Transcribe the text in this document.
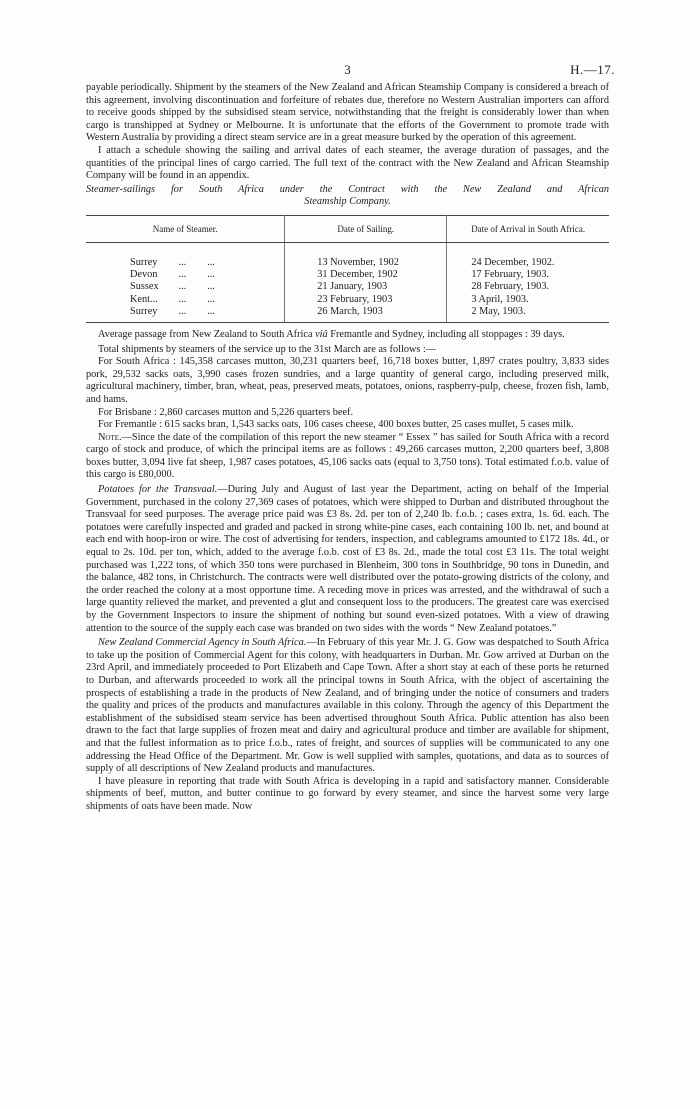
3	H.—17.

payable periodically. Shipment by the steamers of the New Zealand and African Steamship Company is considered a breach of this agreement, involving discontinuation and forfeiture of rebates due, therefore no Western Australian importers can afford to receive goods shipped by the subsidised steam service, notwithstanding that the freight is considerably lower than when cargo is transhipped at Sydney or Melbourne. It is unfortunate that the efforts of the Government to promote trade with Western Australia by providing a direct steam service are in a great measure burked by the operation of this agreement.

I attach a schedule showing the sailing and arrival dates of each steamer, the average duration of passages, and the quantities of the principal lines of cargo carried. The full text of the contract with the New Zealand and African Steamship Company will be found in an appendix.

Steamer-sailings for South Africa under the Contract with the New Zealand and African
Steamship Company.
Name of Steamer.	Date of Sailing.	Date of Arrival in South Africa.
Surrey ... ...	13 November, 1902	24 December, 1902.
Devon ... ...	31 December, 1902	17 February, 1903.
Sussex ... ...	21 January, 1903	28 February, 1903.
Kent... ... ...	23 February, 1903	3 April, 1903.
Surrey ... ...	26 March, 1903	2 May, 1903.

Average passage from New Zealand to South Africa viâ Fremantle and Sydney, including all stoppages : 39 days.

Total shipments by steamers of the service up to the 31st March are as follows :—

For South Africa : 145,358 carcases mutton, 30,231 quarters beef, 16,718 boxes butter, 1,897 crates poultry, 3,833 sides pork, 29,532 sacks oats, 3,990 cases frozen sundries, and a large quantity of general cargo, including preserved milk, agricultural machinery, timber, bran, wheat, peas, preserved meats, potatoes, onions, raspberry-pulp, cheese, frozen fish, lamb, and hams.

For Brisbane : 2,860 carcases mutton and 5,226 quarters beef.

For Fremantle : 615 sacks bran, 1,543 sacks oats, 106 cases cheese, 400 boxes butter, 25 cases mullet, 5 cases milk.

Note.—Since the date of the compilation of this report the new steamer “ Essex ” has sailed for South Africa with a record cargo of stock and produce, of which the principal items are as follows : 49,266 carcases mutton, 2,200 quarters beef, 3,808 boxes butter, 3,094 live fat sheep, 1,987 cases potatoes, 45,106 sacks oats (equal to 3,750 tons). Total estimated f.o.b. value of this cargo is £80,000.

Potatoes for the Transvaal.—During July and August of last year the Department, acting on behalf of the Imperial Government, purchased in the colony 27,369 cases of potatoes, which were shipped to Durban and distributed throughout the Transvaal for seed purposes. The average price paid was £3 8s. 2d. per ton of 2,240 lb. f.o.b. ; cases extra, 1s. 6d. each. The potatoes were carefully inspected and graded and packed in strong white-pine cases, each containing 100 lb. net, and bound at each end with hoop-iron or wire. The cost of advertising for tenders, inspection, and cablegrams amounted to £172 18s. 4d., or equal to 2s. 10d. per ton, which, added to the average f.o.b. cost of £3 8s. 2d., made the total cost £3 11s. The total weight purchased was 1,222 tons, of which 350 tons were purchased in Blenheim, 300 tons in Southbridge, 90 tons in Dunedin, and the balance, 482 tons, in Christchurch. The contracts were well distributed over the potato-growing districts of the colony, and the order reached the colony at a most opportune time. A receding move in prices was arrested, and the withdrawal of such a large quantity relieved the market, and prevented a glut and consequent loss to the producers. The greatest care was exercised by the Government Inspectors to insure the shipment of nothing but sound even-sized potatoes. With a view of drawing attention to the source of the supply each case was branded on two sides with the words “ New Zealand potatoes.”

New Zealand Commercial Agency in South Africa.—In February of this year Mr. J. G. Gow was despatched to South Africa to take up the position of Commercial Agent for this colony, with headquarters in Durban. Mr. Gow arrived at Durban on the 23rd April, and immediately proceeded to Port Elizabeth and Cape Town. After a short stay at each of these ports he returned to Durban, and afterwards proceeded to work all the principal towns in South Africa, with the object of ascertaining the prospects of establishing a trade in the products of New Zealand, and of bringing under the notice of consumers and traders the quality and prices of the products and manufactures available in this colony. Through the agency of this Department the establishment of the subsidised steam service has been advertised throughout South Africa. Public attention has also been drawn to the fact that large supplies of frozen meat and dairy and agricultural produce and timber are available for shipment, and that the fullest information as to price f.o.b., rates of freight, and sources of supplies will be communicated to any one addressing the Head Office of the Department. Mr. Gow is well supplied with samples, quotations, and data as to sources of supply of all descriptions of New Zealand products and manufactures.

I have pleasure in reporting that trade with South Africa is developing in a rapid and satisfactory manner. Considerable shipments of beef, mutton, and butter continue to go forward by every steamer, and since the harvest some very large shipments of oats have been made. Now
